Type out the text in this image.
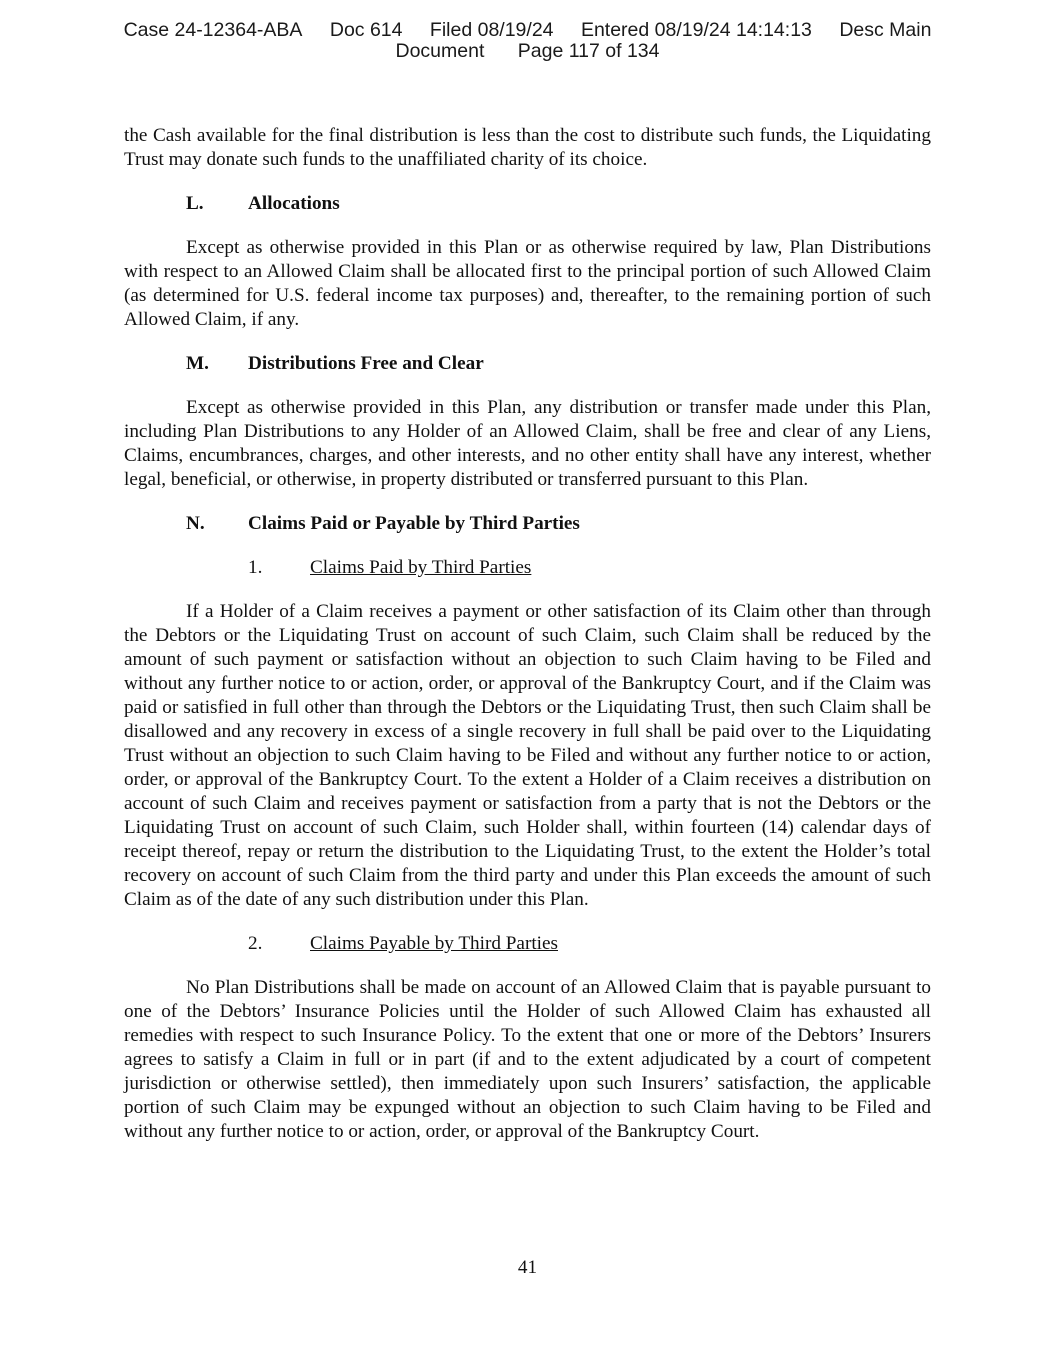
Case 24-12364-ABA Doc 614 Filed 08/19/24 Entered 08/19/24 14:14:13 Desc Main
Document Page 117 of 134

the Cash available for the final distribution is less than the cost to distribute such funds, the Liquidating Trust may donate such funds to the unaffiliated charity of its choice.

L. Allocations

Except as otherwise provided in this Plan or as otherwise required by law, Plan Distributions with respect to an Allowed Claim shall be allocated first to the principal portion of such Allowed Claim (as determined for U.S. federal income tax purposes) and, thereafter, to the remaining portion of such Allowed Claim, if any.

M. Distributions Free and Clear

Except as otherwise provided in this Plan, any distribution or transfer made under this Plan, including Plan Distributions to any Holder of an Allowed Claim, shall be free and clear of any Liens, Claims, encumbrances, charges, and other interests, and no other entity shall have any interest, whether legal, beneficial, or otherwise, in property distributed or transferred pursuant to this Plan.

N. Claims Paid or Payable by Third Parties
1. Claims Paid by Third Parties

If a Holder of a Claim receives a payment or other satisfaction of its Claim other than through the Debtors or the Liquidating Trust on account of such Claim, such Claim shall be reduced by the amount of such payment or satisfaction without an objection to such Claim having to be Filed and without any further notice to or action, order, or approval of the Bankruptcy Court, and if the Claim was paid or satisfied in full other than through the Debtors or the Liquidating Trust, then such Claim shall be disallowed and any recovery in excess of a single recovery in full shall be paid over to the Liquidating Trust without an objection to such Claim having to be Filed and without any further notice to or action, order, or approval of the Bankruptcy Court. To the extent a Holder of a Claim receives a distribution on account of such Claim and receives payment or satisfaction from a party that is not the Debtors or the Liquidating Trust on account of such Claim, such Holder shall, within fourteen (14) calendar days of receipt thereof, repay or return the distribution to the Liquidating Trust, to the extent the Holder’s total recovery on account of such Claim from the third party and under this Plan exceeds the amount of such Claim as of the date of any such distribution under this Plan.

2. Claims Payable by Third Parties

No Plan Distributions shall be made on account of an Allowed Claim that is payable pursuant to one of the Debtors’ Insurance Policies until the Holder of such Allowed Claim has exhausted all remedies with respect to such Insurance Policy. To the extent that one or more of the Debtors’ Insurers agrees to satisfy a Claim in full or in part (if and to the extent adjudicated by a court of competent jurisdiction or otherwise settled), then immediately upon such Insurers’ satisfaction, the applicable portion of such Claim may be expunged without an objection to such Claim having to be Filed and without any further notice to or action, order, or approval of the Bankruptcy Court.

41
